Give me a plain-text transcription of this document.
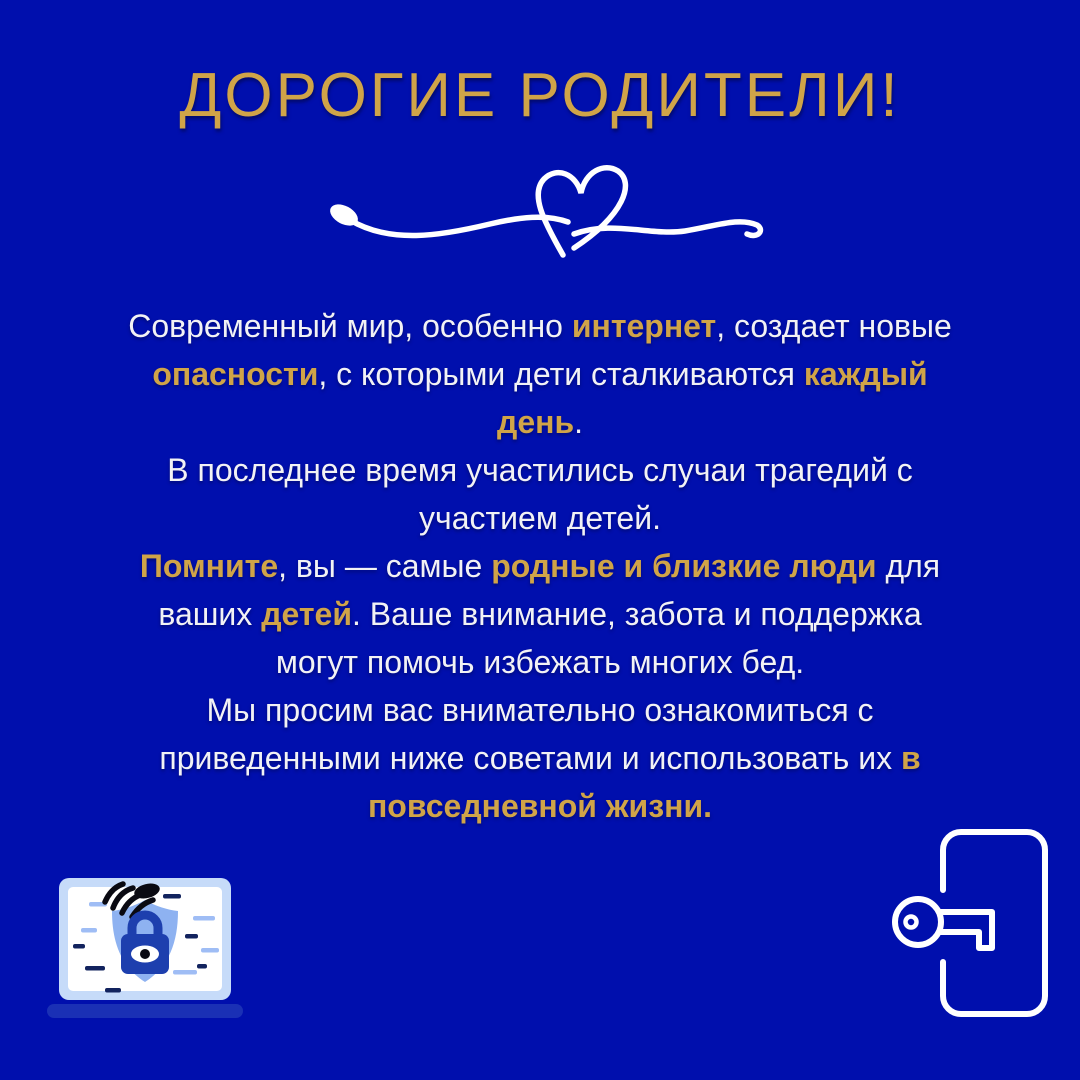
ДОРОГИЕ РОДИТЕЛИ!
Современный мир, особенно интернет, создает новые
опасности, с которыми дети сталкиваются каждый
день.
В последнее время участились случаи трагедий с
участием детей.
Помните, вы — самые родные и близкие люди для
ваших детей. Ваше внимание, забота и поддержка
могут помочь избежать многих бед.
Мы просим вас внимательно ознакомиться с
приведенными ниже советами и использовать их в
повседневной жизни.
